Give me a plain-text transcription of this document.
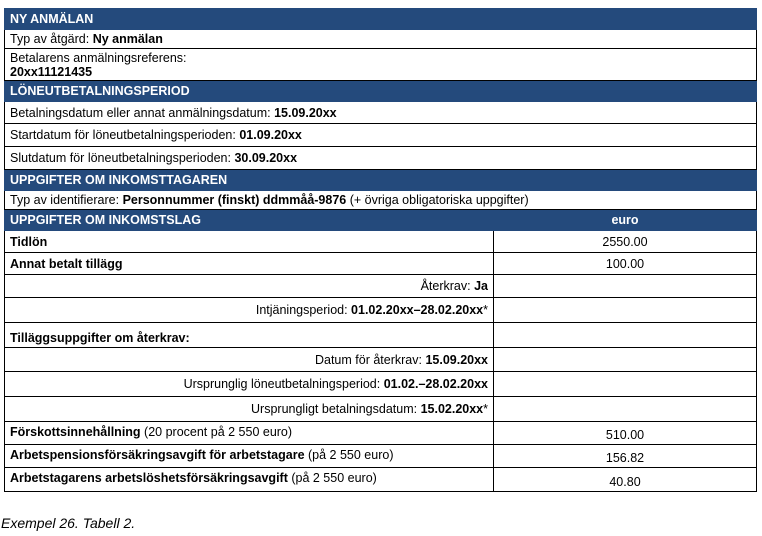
NY ANMÄLAN	
Typ av åtgärd: Ny anmälan	
Betalarens anmälningsreferens:
20xx11121435	
LÖNEUTBETALNINGSPERIOD	
Betalningsdatum eller annat anmälningsdatum: 15.09.20xx	
Startdatum för löneutbetalningsperioden: 01.09.20xx	
Slutdatum för löneutbetalningsperioden: 30.09.20xx	
UPPGIFTER OM INKOMSTTAGAREN	
Typ av identifierare: Personnummer (finskt) ddmmåå-9876 (+ övriga obligatoriska uppgifter)	
UPPGIFTER OM INKOMSTSLAG	euro
Tidlön	2550.00
Annat betalt tillägg	100.00
Återkrav: Ja	
Intjäningsperiod: 01.02.20xx–28.02.20xx*	
Tilläggsuppgifter om återkrav:	
Datum för återkrav: 15.09.20xx	
Ursprunglig löneutbetalningsperiod: 01.02.–28.02.20xx	
Ursprungligt betalningsdatum: 15.02.20xx*	
Förskottsinnehållning (20 procent på 2 550 euro)	510.00
Arbetspensionsförsäkringsavgift för arbetstagare (på 2 550 euro)	156.82
Arbetstagarens arbetslöshetsförsäkringsavgift (på 2 550 euro)	40.80
Exempel 26. Tabell 2.
